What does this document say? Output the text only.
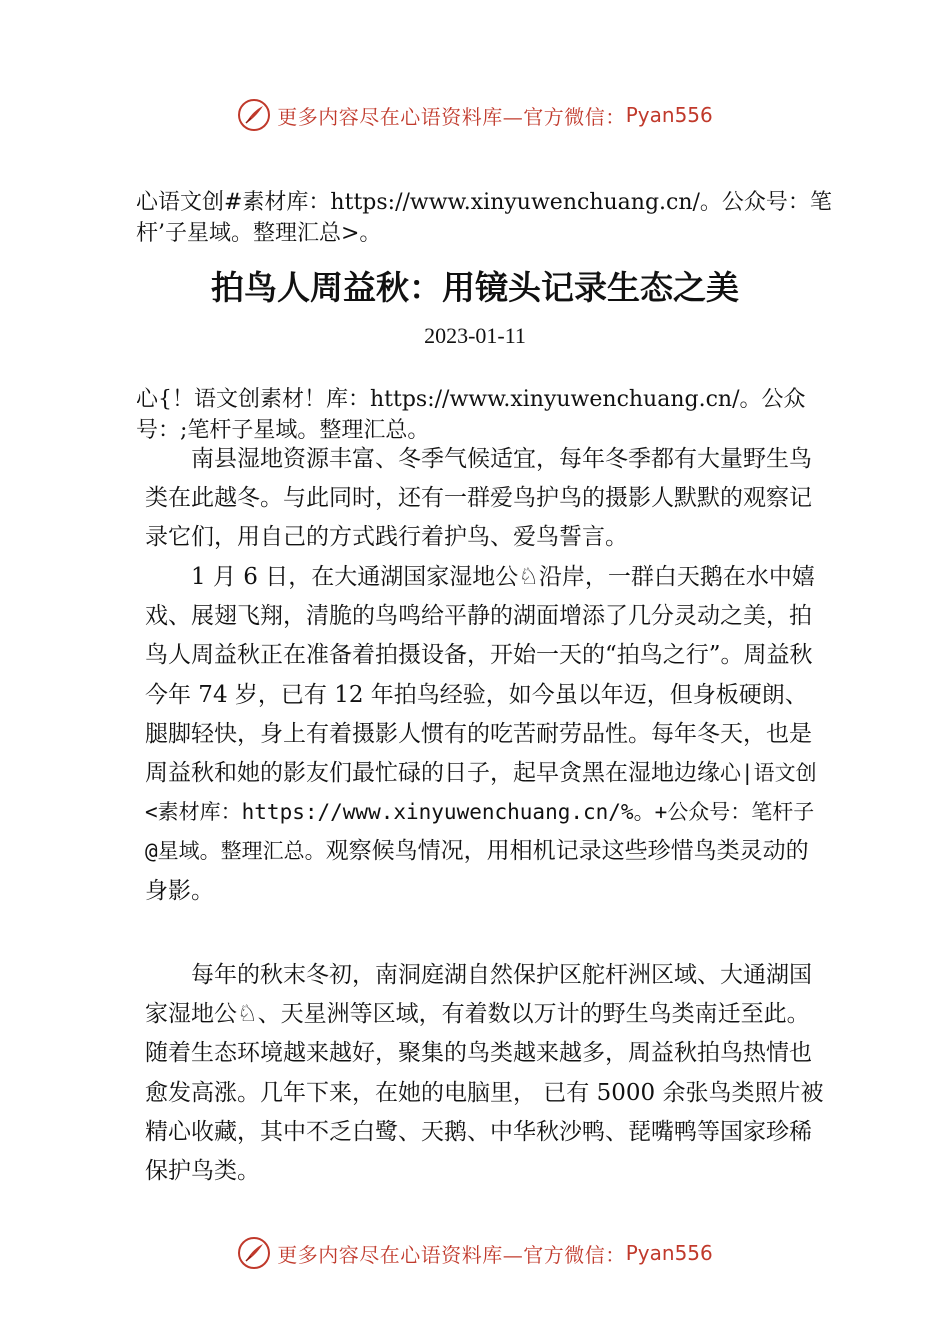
更多内容尽在心语资料库—官方微信： Pyan556
心语文创#素材库：https://www.xinyuwenchuang.cn/。公众号：笔杆’子星域。整理汇总>。
拍鸟人周益秋：用镜头记录生态之美
2023-01-11
心{！语文创素材！库：https://www.xinyuwenchuang.cn/。公众号：;笔杆子星域。整理汇总。

南县湿地资源丰富、冬季气候适宜，每年冬季都有大量野生鸟类在此越冬。与此同时，还有一群爱鸟护鸟的摄影人默默的观察记录它们，用自己的方式践行着护鸟、爱鸟誓言。

1 月 6 日，在大通湖国家湿地公♘沿岸，一群白天鹅在水中嬉戏、展翅飞翔，清脆的鸟鸣给平静的湖面增添了几分灵动之美，拍鸟人周益秋正在准备着拍摄设备，开始一天的“拍鸟之行”。周益秋今年 74 岁，已有 12 年拍鸟经验，如今虽以年迈，但身板硬朗、腿脚轻快，身上有着摄影人惯有的吃苦耐劳品性。每年冬天，也是周益秋和她的影友们最忙碌的日子，起早贪黑在湿地边缘心|语文创<素材库：https://www.xinyuwenchuang.cn/%。+公众号：笔杆子@星域。整理汇总。观察候鸟情况，用相机记录这些珍惜鸟类灵动的身影。

每年的秋末冬初，南洞庭湖自然保护区舵杆洲区域、大通湖国家湿地公♘、天星洲等区域，有着数以万计的野生鸟类南迁至此。随着生态环境越来越好，聚集的鸟类越来越多，周益秋拍鸟热情也愈发高涨。几年下来，在她的电脑里， 已有 5000 余张鸟类照片被精心收藏，其中不乏白鹭、天鹅、中华秋沙鸭、琵嘴鸭等国家珍稀保护鸟类。

更多内容尽在心语资料库—官方微信： Pyan556
